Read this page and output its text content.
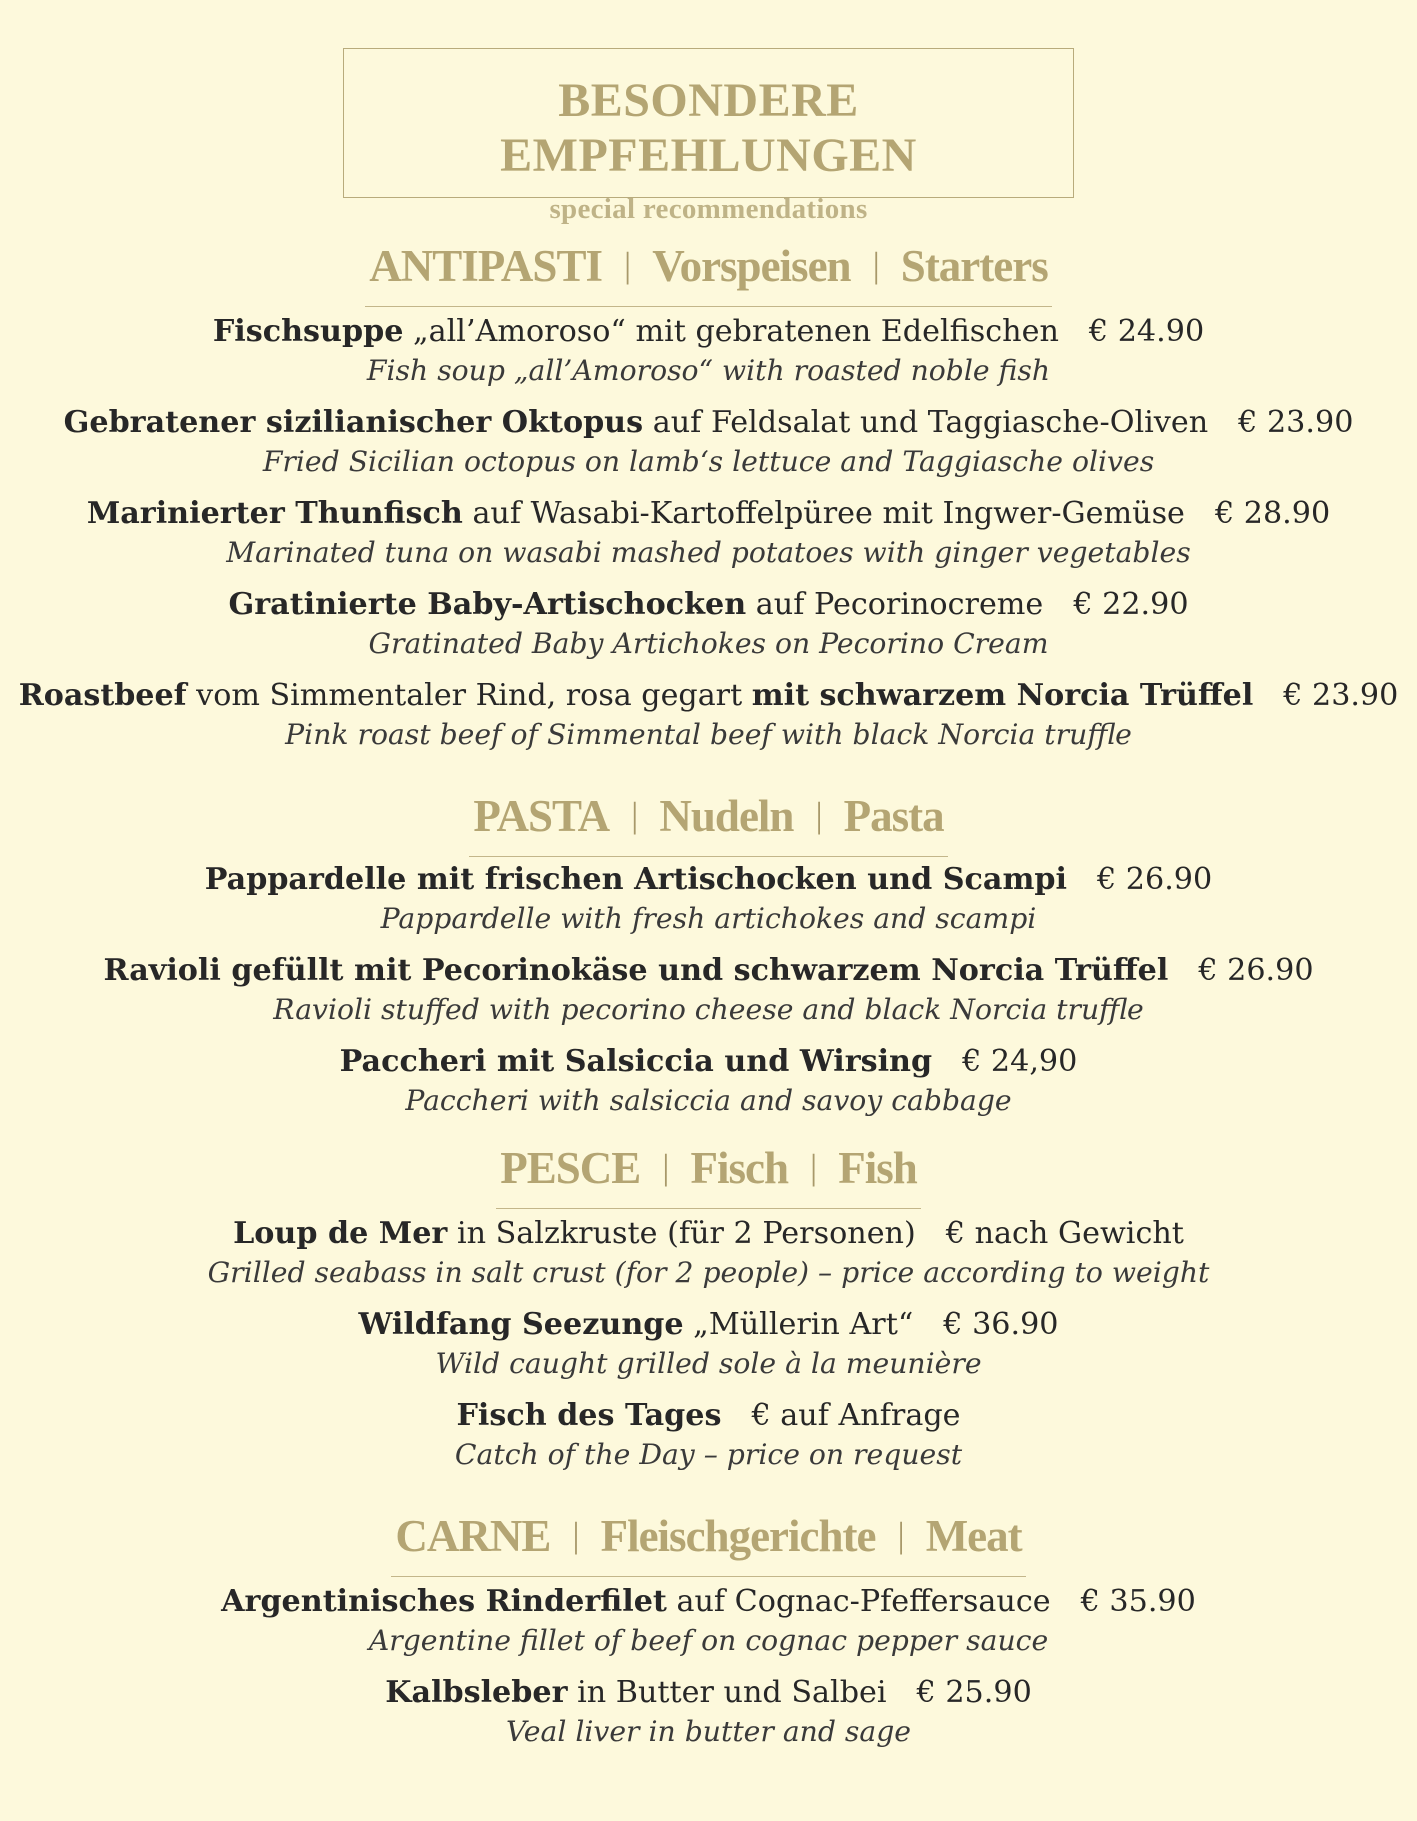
BESONDERE EMPFEHLUNGEN
special recommendations
ANTIPASTI | Vorspeisen | Starters
Fischsuppe „all’Amoroso“ mit gebratenen Edelfischen € 24.90
Fish soup „all’Amoroso“ with roasted noble fish
Gebratener sizilianischer Oktopus auf Feldsalat und Taggiasche-Oliven € 23.90
Fried Sicilian octopus on lamb‘s lettuce and Taggiasche olives
Marinierter Thunfisch auf Wasabi-Kartoffelpüree mit Ingwer-Gemüse € 28.90
Marinated tuna on wasabi mashed potatoes with ginger vegetables
Gratinierte Baby-Artischocken auf Pecorinocreme € 22.90
Gratinated Baby Artichokes on Pecorino Cream
Roastbeef vom Simmentaler Rind, rosa gegart mit schwarzem Norcia Trüffel € 23.90
Pink roast beef of Simmental beef with black Norcia truffle
PASTA | Nudeln | Pasta
Pappardelle mit frischen Artischocken und Scampi € 26.90
Pappardelle with fresh artichokes and scampi
Ravioli gefüllt mit Pecorinokäse und schwarzem Norcia Trüffel € 26.90
Ravioli stuffed with pecorino cheese and black Norcia truffle
Paccheri mit Salsiccia und Wirsing € 24,90
Paccheri with salsiccia and savoy cabbage
PESCE | Fisch | Fish
Loup de Mer in Salzkruste (für 2 Personen) € nach Gewicht
Grilled seabass in salt crust (for 2 people) – price according to weight
Wildfang Seezunge „Müllerin Art“ € 36.90
Wild caught grilled sole à la meunière
Fisch des Tages € auf Anfrage
Catch of the Day – price on request
CARNE | Fleischgerichte | Meat
Argentinisches Rinderfilet auf Cognac-Pfeffersauce € 35.90
Argentine fillet of beef on cognac pepper sauce
Kalbsleber in Butter und Salbei € 25.90
Veal liver in butter and sage
